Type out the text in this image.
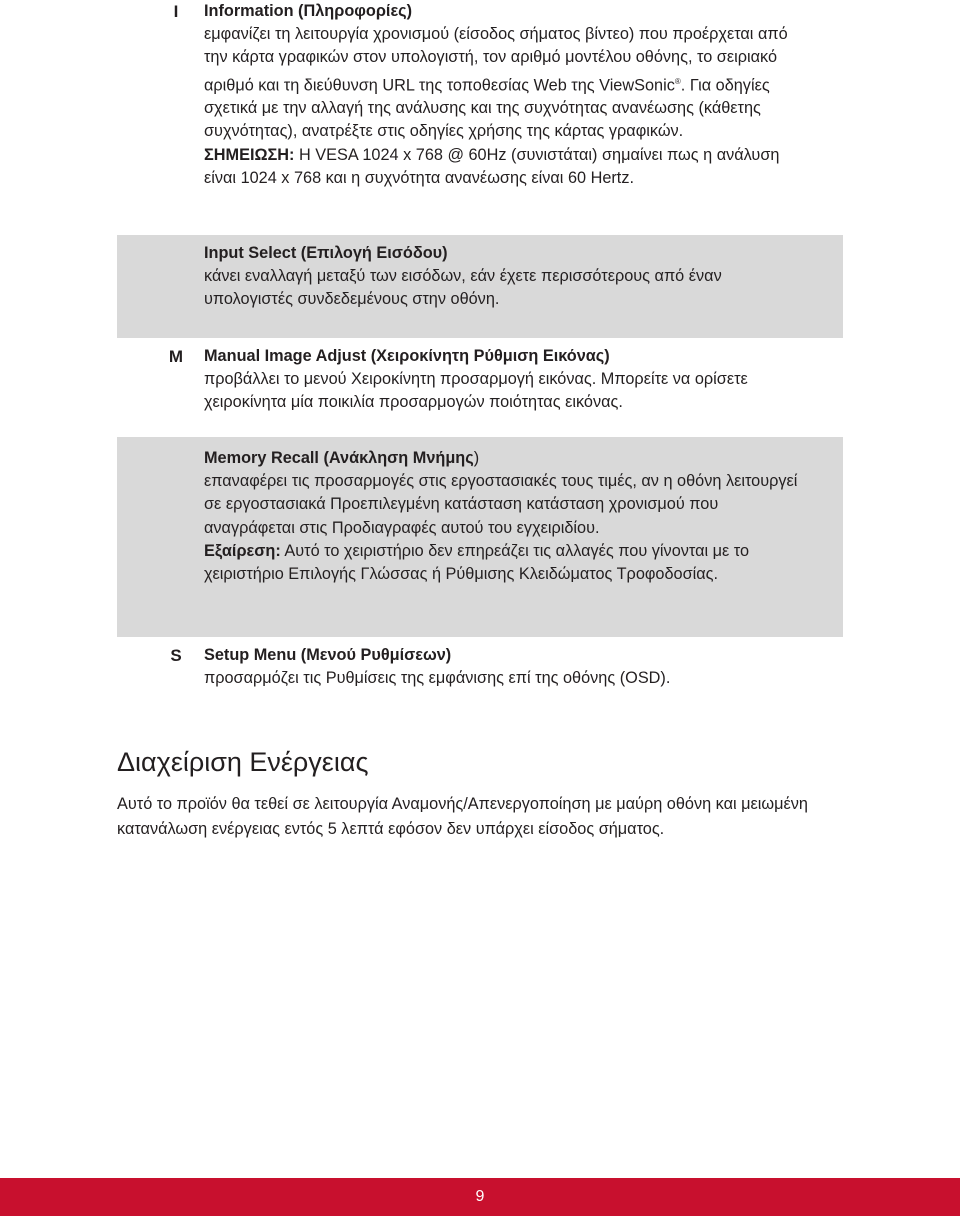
I	Information (Πληροφορίες)

εμφανίζει τη λειτουργία χρονισμού (είσοδος σήματος βίντεο) που προέρχεται από την κάρτα γραφικών στον υπολογιστή, τον αριθμό μοντέλου οθόνης, το σειριακό αριθμό και τη διεύθυνση URL της τοποθεσίας Web της ViewSonic®. Για οδηγίες σχετικά με την αλλαγή της ανάλυσης και της συχνότητας ανανέωσης (κάθετης συχνότητας), ανατρέξτε στις οδηγίες χρήσης της κάρτας γραφικών.

ΣΗΜΕΙΩΣΗ: Η VESA 1024 x 768 @ 60Hz (συνιστάται) σημαίνει πως η ανάλυση είναι 1024 x 768 και η συχνότητα ανανέωσης είναι 60 Hertz.

Input Select (Επιλογή Εισόδου)

κάνει εναλλαγή μεταξύ των εισόδων, εάν έχετε περισσότερους από έναν υπολογιστές συνδεδεμένους στην οθόνη.

M Manual Image Adjust (Χειροκίνητη Ρύθμιση Εικόνας)

προβάλλει το μενού Χειροκίνητη προσαρμογή εικόνας. Μπορείτε να ορίσετε χειροκίνητα μία ποικιλία προσαρμογών ποιότητας εικόνας.

Memory Recall (Ανάκληση Μνήμης)

επαναφέρει τις προσαρμογές στις εργοστασιακές τους τιμές, αν η οθόνη λειτουργεί σε εργοστασιακά Προεπιλεγμένη κατάσταση κατάσταση χρονισμού που αναγράφεται στις Προδιαγραφές αυτού του εγχειριδίου.

Εξαίρεση: Αυτό το χειριστήριο δεν επηρεάζει τις αλλαγές που γίνονται με το χειριστήριο Επιλογής Γλώσσας ή Ρύθμισης Κλειδώματος Τροφοδοσίας.

S Setup Menu (Μενού Ρυθμίσεων)

προσαρμόζει τις Ρυθμίσεις της εμφάνισης επί της οθόνης (OSD).

Διαχείριση Ενέργειας

Αυτό το προϊόν θα τεθεί σε λειτουργία Αναμονής/Απενεργοποίηση με μαύρη οθόνη και μειωμένη κατανάλωση ενέργειας εντός 5 λεπτά εφόσον δεν υπάρχει είσοδος σήματος.

9
